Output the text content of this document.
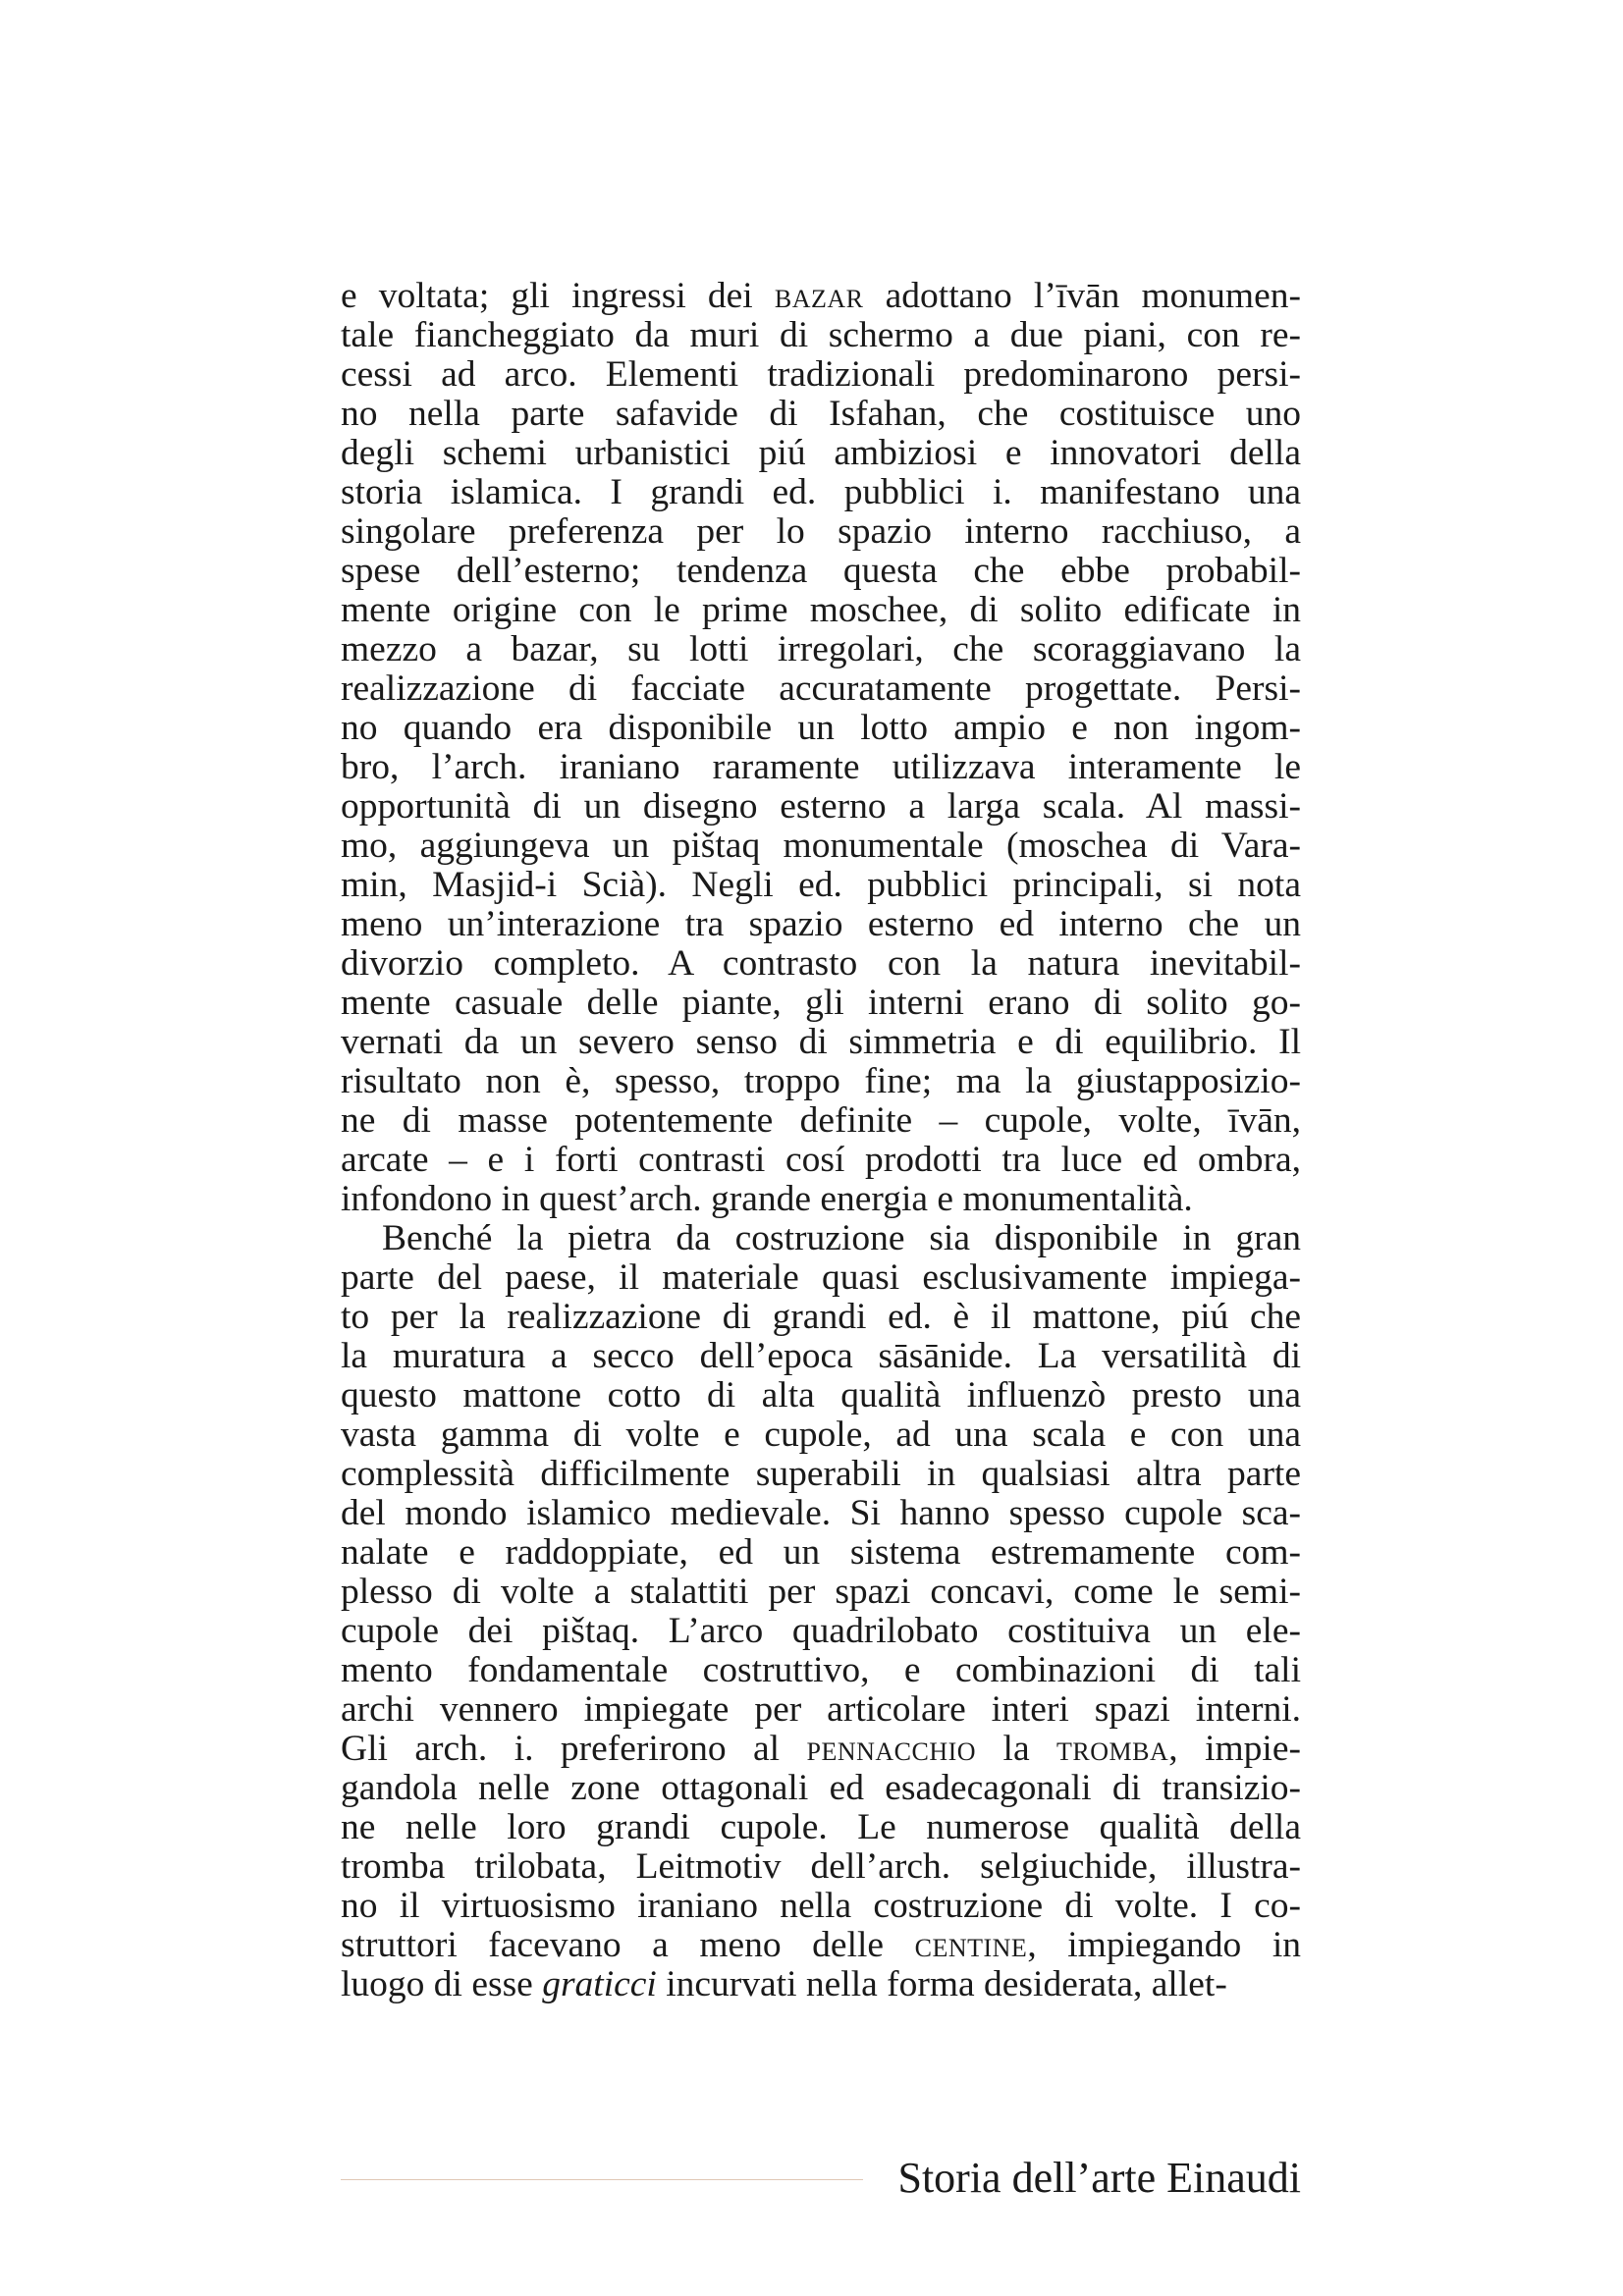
e voltata; gli ingressi dei bazar adottano l’īvān monumen-
tale fiancheggiato da muri di schermo a due piani, con re-
cessi ad arco. Elementi tradizionali predominarono persi-
no nella parte safavide di Isfahan, che costituisce uno
degli schemi urbanistici piú ambiziosi e innovatori della
storia islamica. I grandi ed. pubblici i. manifestano una
singolare preferenza per lo spazio interno racchiuso, a
spese dell’esterno; tendenza questa che ebbe probabil-
mente origine con le prime moschee, di solito edificate in
mezzo a bazar, su lotti irregolari, che scoraggiavano la
realizzazione di facciate accuratamente progettate. Persi-
no quando era disponibile un lotto ampio e non ingom-
bro, l’arch. iraniano raramente utilizzava interamente le
opportunità di un disegno esterno a larga scala. Al massi-
mo, aggiungeva un pištaq monumentale (moschea di Vara-
min, Masjid-i Scià). Negli ed. pubblici principali, si nota
meno un’interazione tra spazio esterno ed interno che un
divorzio completo. A contrasto con la natura inevitabil-
mente casuale delle piante, gli interni erano di solito go-
vernati da un severo senso di simmetria e di equilibrio. Il
risultato non è, spesso, troppo fine; ma la giustapposizio-
ne di masse potentemente definite – cupole, volte, īvān,
arcate – e i forti contrasti cosí prodotti tra luce ed ombra,
infondono in quest’arch. grande energia e monumentalità.

Benché la pietra da costruzione sia disponibile in gran
parte del paese, il materiale quasi esclusivamente impiega-
to per la realizzazione di grandi ed. è il mattone, piú che
la muratura a secco dell’epoca sāsānide. La versatilità di
questo mattone cotto di alta qualità influenzò presto una
vasta gamma di volte e cupole, ad una scala e con una
complessità difficilmente superabili in qualsiasi altra parte
del mondo islamico medievale. Si hanno spesso cupole sca-
nalate e raddoppiate, ed un sistema estremamente com-
plesso di volte a stalattiti per spazi concavi, come le semi-
cupole dei pištaq. L’arco quadrilobato costituiva un ele-
mento fondamentale costruttivo, e combinazioni di tali
archi vennero impiegate per articolare interi spazi interni.
Gli arch. i. preferirono al pennacchio la tromba, impie-
gandola nelle zone ottagonali ed esadecagonali di transizio-
ne nelle loro grandi cupole. Le numerose qualità della
tromba trilobata, Leitmotiv dell’arch. selgiuchide, illustra-
no il virtuosismo iraniano nella costruzione di volte. I co-
struttori facevano a meno delle centine, impiegando in
luogo di esse graticci incurvati nella forma desiderata, allet-

Storia dell’arte Einaudi
